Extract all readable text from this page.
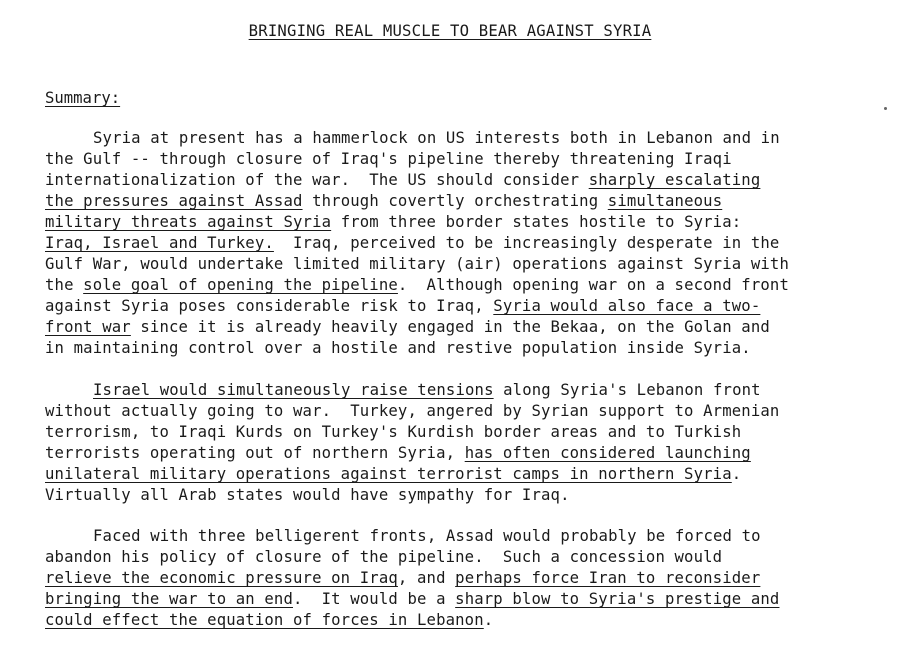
BRINGING REAL MUSCLE TO BEAR AGAINST SYRIA
Summary:
Syria at present has a hammerlock on US interests both in Lebanon and in
the Gulf -- through closure of Iraq's pipeline thereby threatening Iraqi
internationalization of the war.  The US should consider sharply escalating
the pressures against Assad through covertly orchestrating simultaneous
military threats against Syria from three border states hostile to Syria:
Iraq, Israel and Turkey.  Iraq, perceived to be increasingly desperate in the
Gulf War, would undertake limited military (air) operations against Syria with
the sole goal of opening the pipeline.  Although opening war on a second front
against Syria poses considerable risk to Iraq, Syria would also face a two-
front war since it is already heavily engaged in the Bekaa, on the Golan and
in maintaining control over a hostile and restive population inside Syria.
Israel would simultaneously raise tensions along Syria's Lebanon front
without actually going to war.  Turkey, angered by Syrian support to Armenian
terrorism, to Iraqi Kurds on Turkey's Kurdish border areas and to Turkish
terrorists operating out of northern Syria, has often considered launching
unilateral military operations against terrorist camps in northern Syria.
Virtually all Arab states would have sympathy for Iraq.
Faced with three belligerent fronts, Assad would probably be forced to
abandon his policy of closure of the pipeline.  Such a concession would
relieve the economic pressure on Iraq, and perhaps force Iran to reconsider
bringing the war to an end.  It would be a sharp blow to Syria's prestige and
could effect the equation of forces in Lebanon.
